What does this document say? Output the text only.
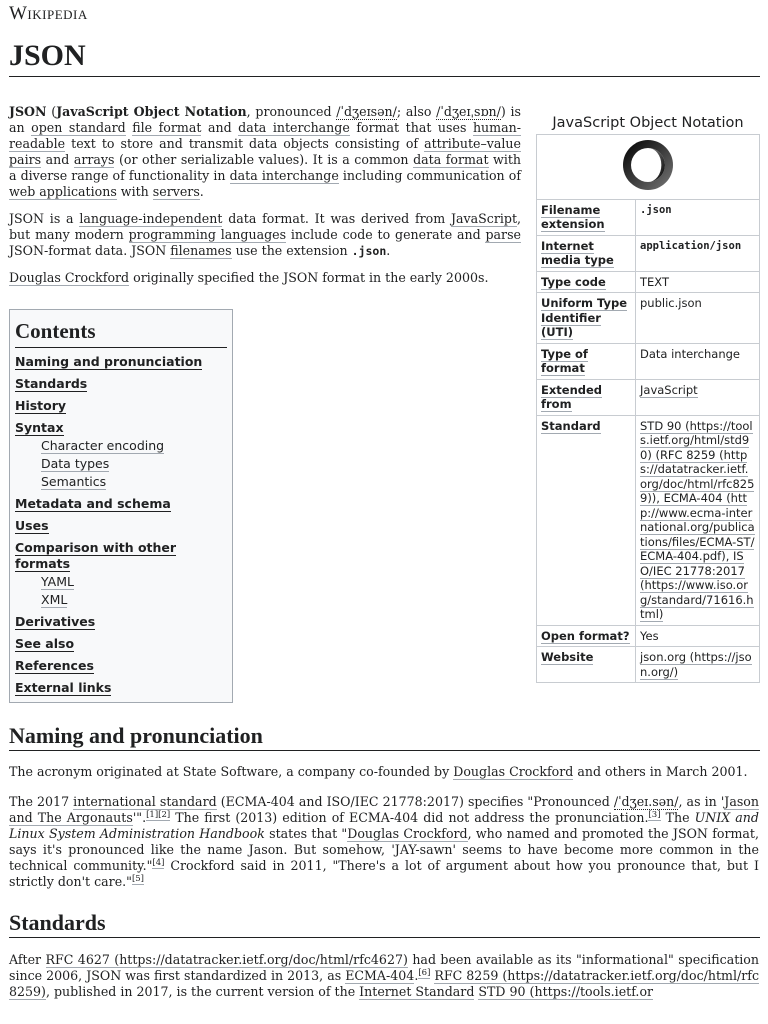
Wikipedia
JSON

JSON (JavaScript Object Notation, pronounced /ˈdʒeɪsən/; also /ˈdʒeɪˌsɒn/) is an open standard file format and data interchange format that uses human-readable text to store and transmit data objects consisting of attribute–value pairs and arrays (or other serializable values). It is a common data format with a diverse range of functionality in data interchange including communication of web applications with servers.

JSON is a language-independent data format. It was derived from JavaScript, but many modern programming languages include code to generate and parse JSON-format data. JSON filenames use the extension .json.

Douglas Crockford originally specified the JSON format in the early 2000s.

Contents
Naming and pronunciation
Standards
History
Syntax
Character encoding
Data types
Semantics
Metadata and schema
Uses
Comparison with other formats
YAML
XML
Derivatives
See also
References
External links
JavaScript Object Notation

Filename extension	.json
Internet media type	application/json
Type code	TEXT
Uniform Type Identifier (UTI)	public.json
Type of format	Data interchange
Extended from	JavaScript
Standard	STD 90 (https://tools.ietf.org/html/std90) (RFC 8259 (https://datatracker.ietf.org/doc/html/rfc8259)), ECMA-404 (http://www.ecma-international.org/publications/files/ECMA-ST/ECMA-404.pdf), ISO/IEC 21778:2017 (https://www.iso.org/standard/71616.html)
Open format?	Yes
Website	json.org (https://json.org/)
Naming and pronunciation

The acronym originated at State Software, a company co-founded by Douglas Crockford and others in March 2001.

The 2017 international standard (ECMA-404 and ISO/IEC 21778:2017) specifies "Pronounced /ˈdʒeɪ.sən/, as in 'Jason and The Argonauts'".[1][2] The first (2013) edition of ECMA-404 did not address the pronunciation.[3] The UNIX and Linux System Administration Handbook states that "Douglas Crockford, who named and promoted the JSON format, says it's pronounced like the name Jason. But somehow, 'JAY-sawn' seems to have become more common in the technical community."[4] Crockford said in 2011, "There's a lot of argument about how you pronounce that, but I strictly don't care."[5]

Standards

After RFC 4627 (https://datatracker.ietf.org/doc/html/rfc4627) had been available as its "informational" specification since 2006, JSON was first standardized in 2013, as ECMA-404.[6] RFC 8259 (https://datatracker.ietf.org/doc/html/rfc8259), published in 2017, is the current version of the Internet Standard STD 90 (https://tools.ietf.or
